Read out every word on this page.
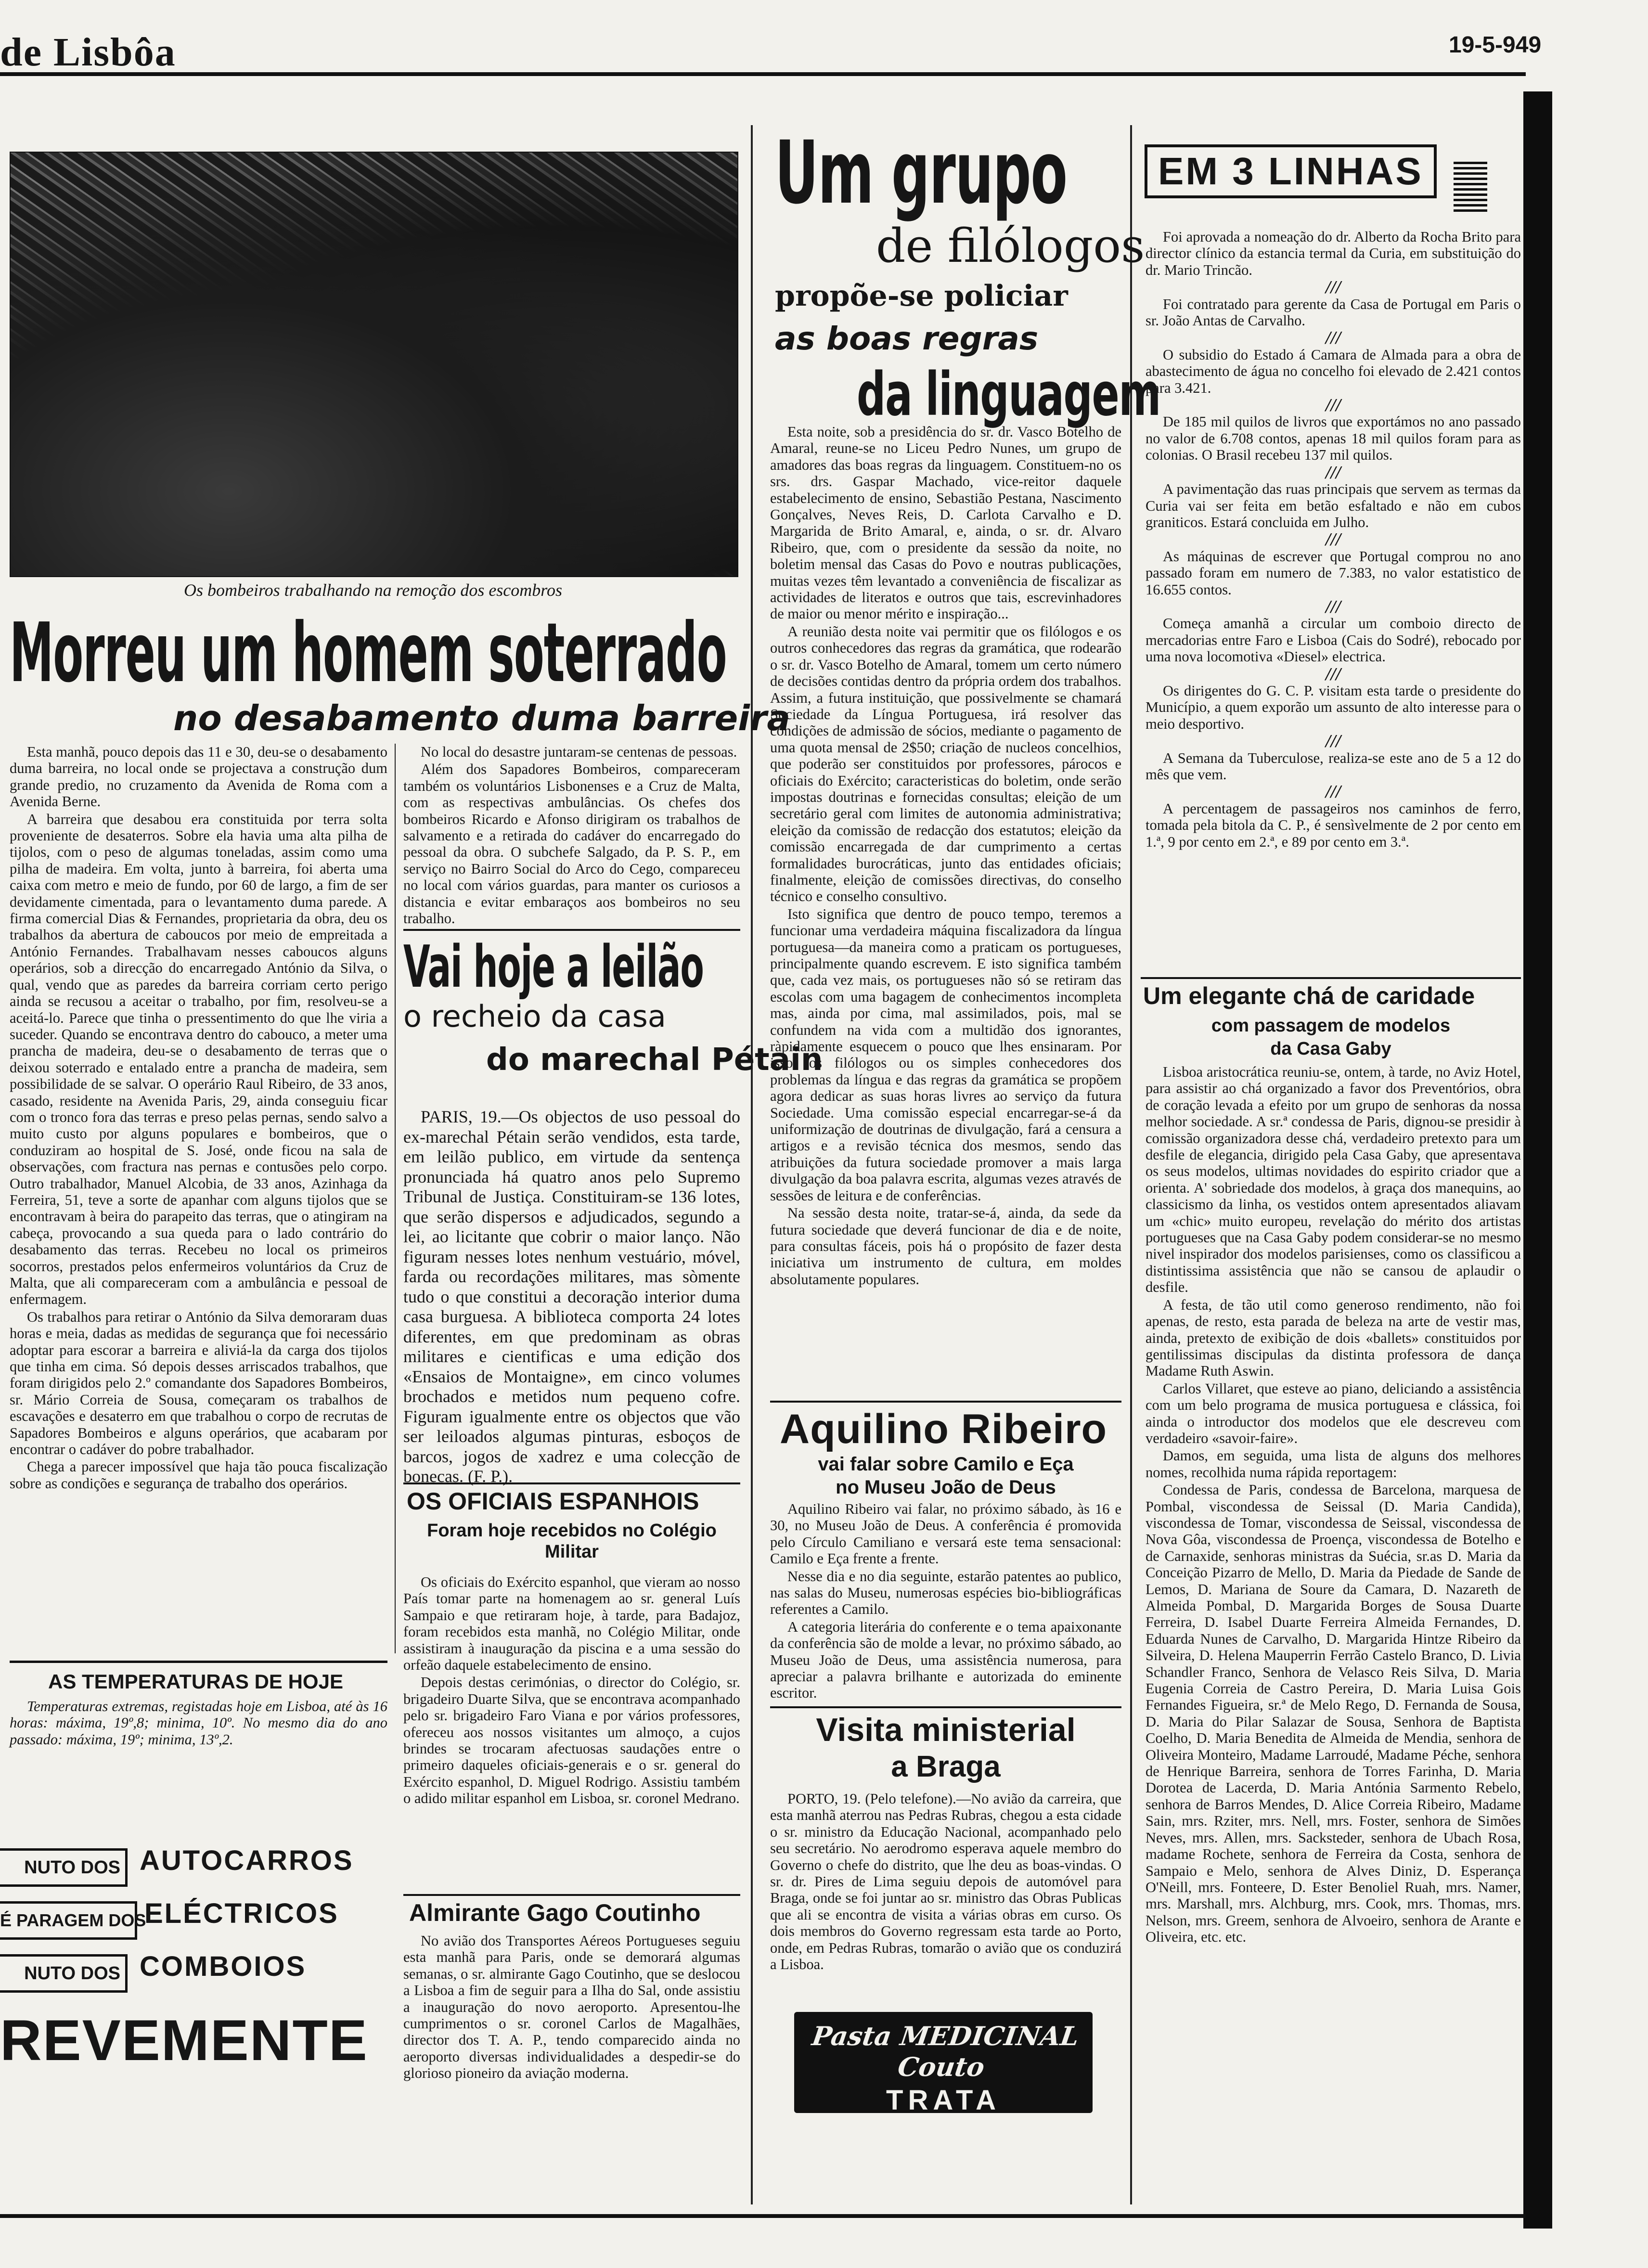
de Lisbôa	19-5-949
Os bombeiros trabalhando na remoção dos escombros
Morreu um homem soterrado
no desabamento duma barreira

Esta manhã, pouco depois das 11 e 30, deu-se o desabamento duma barreira, no local onde se projectava a construção dum grande predio, no cruzamento da Avenida de Roma com a Avenida Berne.

A barreira que desabou era constituida por terra solta proveniente de desaterros. Sobre ela havia uma alta pilha de tijolos, com o peso de algumas toneladas, assim como uma pilha de madeira. Em volta, junto à barreira, foi aberta uma caixa com metro e meio de fundo, por 60 de largo, a fim de ser devidamente cimentada, para o levantamento duma parede. A firma comercial Dias & Fernandes, proprietaria da obra, deu os trabalhos da abertura de caboucos por meio de empreitada a António Fernandes. Trabalhavam nesses caboucos alguns operários, sob a direcção do encarregado António da Silva, o qual, vendo que as paredes da barreira corriam certo perigo ainda se recusou a aceitar o trabalho, por fim, resolveu-se a aceitá-lo. Parece que tinha o pressentimento do que lhe viria a suceder. Quando se encontrava dentro do cabouco, a meter uma prancha de madeira, deu-se o desabamento de terras que o deixou soterrado e entalado entre a prancha de madeira, sem possibilidade de se salvar. O operário Raul Ribeiro, de 33 anos, casado, residente na Avenida Paris, 29, ainda conseguiu ficar com o tronco fora das terras e preso pelas pernas, sendo salvo a muito custo por alguns populares e bombeiros, que o conduziram ao hospital de S. José, onde ficou na sala de observações, com fractura nas pernas e contusões pelo corpo. Outro trabalhador, Manuel Alcobia, de 33 anos, Azinhaga da Ferreira, 51, teve a sorte de apanhar com alguns tijolos que se encontravam à beira do parapeito das terras, que o atingiram na cabeça, provocando a sua queda para o lado contrário do desabamento das terras. Recebeu no local os primeiros socorros, prestados pelos enfermeiros voluntários da Cruz de Malta, que ali compareceram com a ambulância e pessoal de enfermagem.

Os trabalhos para retirar o António da Silva demoraram duas horas e meia, dadas as medidas de segurança que foi necessário adoptar para escorar a barreira e aliviá-la da carga dos tijolos que tinha em cima. Só depois desses arriscados trabalhos, que foram dirigidos pelo 2.º comandante dos Sapadores Bombeiros, sr. Mário Correia de Sousa, começaram os trabalhos de escavações e desaterro em que trabalhou o corpo de recrutas de Sapadores Bombeiros e alguns operários, que acabaram por encontrar o cadáver do pobre trabalhador.

Chega a parecer impossível que haja tão pouca fiscalização sobre as condições e segurança de trabalho dos operários.

No local do desastre juntaram-se centenas de pessoas.

Além dos Sapadores Bombeiros, compareceram também os voluntários Lisbonenses e a Cruz de Malta, com as respectivas ambulâncias. Os chefes dos bombeiros Ricardo e Afonso dirigiram os trabalhos de salvamento e a retirada do cadáver do encarregado do pessoal da obra. O subchefe Salgado, da P. S. P., em serviço no Bairro Social do Arco do Cego, compareceu no local com vários guardas, para manter os curiosos a distancia e evitar embaraços aos bombeiros no seu trabalho.

AS TEMPERATURAS DE HOJE

Temperaturas extremas, registadas hoje em Lisboa, até às 16 horas: máxima, 19º,8; minima, 10º. No mesmo dia do ano passado: máxima, 19º; minima, 13º,2.

NUTO DOS AUTOCARROS
É PARAGEM DOS
ELÉCTRICOS
NUTO DOS COMBOIOS
REVEMENTE
Vai hoje a leilão
o recheio da casa
do marechal Pétain

PARIS, 19.—Os objectos de uso pessoal do ex-marechal Pétain serão vendidos, esta tarde, em leilão publico, em virtude da sentença pronunciada há quatro anos pelo Supremo Tribunal de Justiça. Constituiram-se 136 lotes, que serão dispersos e adjudicados, segundo a lei, ao licitante que cobrir o maior lanço. Não figuram nesses lotes nenhum vestuário, móvel, farda ou recordações militares, mas sòmente tudo o que constitui a decoração interior duma casa burguesa. A biblioteca comporta 24 lotes diferentes, em que predominam as obras militares e cientificas e uma edição dos «Ensaios de Montaigne», em cinco volumes brochados e metidos num pequeno cofre. Figuram igualmente entre os objectos que vão ser leiloados algumas pinturas, esboços de barcos, jogos de xadrez e uma colecção de bonecas. (F. P.).

OS OFICIAIS ESPANHOIS
Foram hoje recebidos no Colégio Militar

Os oficiais do Exército espanhol, que vieram ao nosso País tomar parte na homenagem ao sr. general Luís Sampaio e que retiraram hoje, à tarde, para Badajoz, foram recebidos esta manhã, no Colégio Militar, onde assistiram à inauguração da piscina e a uma sessão do orfeão daquele estabelecimento de ensino.

Depois destas cerimónias, o director do Colégio, sr. brigadeiro Duarte Silva, que se encontrava acompanhado pelo sr. brigadeiro Faro Viana e por vários professores, ofereceu aos nossos visitantes um almoço, a cujos brindes se trocaram afectuosas saudações entre o primeiro daqueles oficiais-generais e o sr. general do Exército espanhol, D. Miguel Rodrigo. Assistiu também o adido militar espanhol em Lisboa, sr. coronel Medrano.

Almirante Gago Coutinho

No avião dos Transportes Aéreos Portugueses seguiu esta manhã para Paris, onde se demorará algumas semanas, o sr. almirante Gago Coutinho, que se deslocou a Lisboa a fim de seguir para a Ilha do Sal, onde assistiu a inauguração do novo aeroporto. Apresentou-lhe cumprimentos o sr. coronel Carlos de Magalhães, director dos T. A. P., tendo comparecido ainda no aeroporto diversas individualidades a despedir-se do glorioso pioneiro da aviação moderna.

Um grupo
de filólogos
propõe-se policiar
as boas regras
da linguagem

Esta noite, sob a presidência do sr. dr. Vasco Botelho de Amaral, reune-se no Liceu Pedro Nunes, um grupo de amadores das boas regras da linguagem. Constituem-no os srs. drs. Gaspar Machado, vice-reitor daquele estabelecimento de ensino, Sebastião Pestana, Nascimento Gonçalves, Neves Reis, D. Carlota Carvalho e D. Margarida de Brito Amaral, e, ainda, o sr. dr. Alvaro Ribeiro, que, com o presidente da sessão da noite, no boletim mensal das Casas do Povo e noutras publicações, muitas vezes têm levantado a conveniência de fiscalizar as actividades de literatos e outros que tais, escrevinhadores de maior ou menor mérito e inspiração...

A reunião desta noite vai permitir que os filólogos e os outros conhecedores das regras da gramática, que rodearão o sr. dr. Vasco Botelho de Amaral, tomem um certo número de decisões contidas dentro da própria ordem dos trabalhos. Assim, a futura instituição, que possivelmente se chamará Sociedade da Língua Portuguesa, irá resolver das condições de admissão de sócios, mediante o pagamento de uma quota mensal de 2$50; criação de nucleos concelhios, que poderão ser constituidos por professores, párocos e oficiais do Exército; caracteristicas do boletim, onde serão impostas doutrinas e fornecidas consultas; eleição de um secretário geral com limites de autonomia administrativa; eleição da comissão de redacção dos estatutos; eleição da comissão encarregada de dar cumprimento a certas formalidades burocráticas, junto das entidades oficiais; finalmente, eleição de comissões directivas, do conselho técnico e conselho consultivo.

Isto significa que dentro de pouco tempo, teremos a funcionar uma verdadeira máquina fiscalizadora da língua portuguesa—da maneira como a praticam os portugueses, principalmente quando escrevem. E isto significa também que, cada vez mais, os portugueses não só se retiram das escolas com uma bagagem de conhecimentos incompleta mas, ainda por cima, mal assimilados, pois, mal se confundem na vida com a multidão dos ignorantes, ràpidamente esquecem o pouco que lhes ensinaram. Por isso, os filólogos ou os simples conhecedores dos problemas da língua e das regras da gramática se propõem agora dedicar as suas horas livres ao serviço da futura Sociedade. Uma comissão especial encarregar-se-á da uniformização de doutrinas de divulgação, fará a censura a artigos e a revisão técnica dos mesmos, sendo das atribuições da futura sociedade promover a mais larga divulgação da boa palavra escrita, algumas vezes através de sessões de leitura e de conferências.

Na sessão desta noite, tratar-se-á, ainda, da sede da futura sociedade que deverá funcionar de dia e de noite, para consultas fáceis, pois há o propósito de fazer desta iniciativa um instrumento de cultura, em moldes absolutamente populares.

Aquilino Ribeiro
vai falar sobre Camilo e Eça
no Museu João de Deus

Aquilino Ribeiro vai falar, no próximo sábado, às 16 e 30, no Museu João de Deus. A conferência é promovida pelo Círculo Camiliano e versará este tema sensacional: Camilo e Eça frente a frente.

Nesse dia e no dia seguinte, estarão patentes ao publico, nas salas do Museu, numerosas espécies bio-bibliográficas referentes a Camilo.

A categoria literária do conferente e o tema apaixonante da conferência são de molde a levar, no próximo sábado, ao Museu João de Deus, uma assistência numerosa, para apreciar a palavra brilhante e autorizada do eminente escritor.

Visita ministerial
a Braga

PORTO, 19. (Pelo telefone).—No avião da carreira, que esta manhã aterrou nas Pedras Rubras, chegou a esta cidade o sr. ministro da Educação Nacional, acompanhado pelo seu secretário. No aerodromo esperava aquele membro do Governo o chefe do distrito, que lhe deu as boas-vindas. O sr. dr. Pires de Lima seguiu depois de automóvel para Braga, onde se foi juntar ao sr. ministro das Obras Publicas que ali se encontra de visita a várias obras em curso. Os dois membros do Governo regressam esta tarde ao Porto, onde, em Pedras Rubras, tomarão o avião que os conduzirá a Lisboa.

Pasta MEDICINAL Couto
TRATA
AS DOENÇAS DA BOCA
EM 3 LINHAS

Foi aprovada a nomeação do dr. Alberto da Rocha Brito para director clínico da estancia termal da Curia, em substituição do dr. Mario Trincão.

///

Foi contratado para gerente da Casa de Portugal em Paris o sr. João Antas de Carvalho.

///

O subsidio do Estado á Camara de Almada para a obra de abastecimento de água no concelho foi elevado de 2.421 contos para 3.421.

///

De 185 mil quilos de livros que exportámos no ano passado no valor de 6.708 contos, apenas 18 mil quilos foram para as colonias. O Brasil recebeu 137 mil quilos.

///

A pavimentação das ruas principais que servem as termas da Curia vai ser feita em betão esfaltado e não em cubos graniticos. Estará concluida em Julho.

///

As máquinas de escrever que Portugal comprou no ano passado foram em numero de 7.383, no valor estatistico de 16.655 contos.

///

Começa amanhã a circular um comboio directo de mercadorias entre Faro e Lisboa (Cais do Sodré), rebocado por uma nova locomotiva «Diesel» electrica.

///

Os dirigentes do G. C. P. visitam esta tarde o presidente do Município, a quem exporão um assunto de alto interesse para o meio desportivo.

///

A Semana da Tuberculose, realiza-se este ano de 5 a 12 do mês que vem.

///

A percentagem de passageiros nos caminhos de ferro, tomada pela bitola da C. P., é sensìvelmente de 2 por cento em 1.ª, 9 por cento em 2.ª, e 89 por cento em 3.ª.

Um elegante chá de caridade
com passagem de modelos
da Casa Gaby

Lisboa aristocrática reuniu-se, ontem, à tarde, no Aviz Hotel, para assistir ao chá organizado a favor dos Preventórios, obra de coração levada a efeito por um grupo de senhoras da nossa melhor sociedade. A sr.ª condessa de Paris, dignou-se presidir à comissão organizadora desse chá, verdadeiro pretexto para um desfile de elegancia, dirigido pela Casa Gaby, que apresentava os seus modelos, ultimas novidades do espirito criador que a orienta. A' sobriedade dos modelos, à graça dos manequins, ao classicismo da linha, os vestidos ontem apresentados aliavam um «chic» muito europeu, revelação do mérito dos artistas portugueses que na Casa Gaby podem considerar-se no mesmo nivel inspirador dos modelos parisienses, como os classificou a distintissima assistência que não se cansou de aplaudir o desfile.

A festa, de tão util como generoso rendimento, não foi apenas, de resto, esta parada de beleza na arte de vestir mas, ainda, pretexto de exibição de dois «ballets» constituidos por gentilissimas discipulas da distinta professora de dança Madame Ruth Aswin.

Carlos Villaret, que esteve ao piano, deliciando a assistência com um belo programa de musica portuguesa e clássica, foi ainda o introductor dos modelos que ele descreveu com verdadeiro «savoir-faire».

Damos, em seguida, uma lista de alguns dos melhores nomes, recolhida numa rápida reportagem:

Condessa de Paris, condessa de Barcelona, marquesa de Pombal, viscondessa de Seissal (D. Maria Candida), viscondessa de Tomar, viscondessa de Seissal, viscondessa de Nova Gôa, viscondessa de Proença, viscondessa de Botelho e de Carnaxide, senhoras ministras da Suécia, sr.as D. Maria da Conceição Pizarro de Mello, D. Maria da Piedade de Sande de Lemos, D. Mariana de Soure da Camara, D. Nazareth de Almeida Pombal, D. Margarida Borges de Sousa Duarte Ferreira, D. Isabel Duarte Ferreira Almeida Fernandes, D. Eduarda Nunes de Carvalho, D. Margarida Hintze Ribeiro da Silveira, D. Helena Mauperrin Ferrão Castelo Branco, D. Livia Schandler Franco, Senhora de Velasco Reis Silva, D. Maria Eugenia Correia de Castro Pereira, D. Maria Luisa Gois Fernandes Figueira, sr.ª de Melo Rego, D. Fernanda de Sousa, D. Maria do Pilar Salazar de Sousa, Senhora de Baptista Coelho, D. Maria Benedita de Almeida de Mendia, senhora de Oliveira Monteiro, Madame Larroudé, Madame Péche, senhora de Henrique Barreira, senhora de Torres Farinha, D. Maria Dorotea de Lacerda, D. Maria Antónia Sarmento Rebelo, senhora de Barros Mendes, D. Alice Correia Ribeiro, Madame Sain, mrs. Rziter, mrs. Nell, mrs. Foster, senhora de Simões Neves, mrs. Allen, mrs. Sacksteder, senhora de Ubach Rosa, madame Rochete, senhora de Ferreira da Costa, senhora de Sampaio e Melo, senhora de Alves Diniz, D. Esperança O'Neill, mrs. Fonteere, D. Ester Benoliel Ruah, mrs. Namer, mrs. Marshall, mrs. Alchburg, mrs. Cook, mrs. Thomas, mrs. Nelson, mrs. Greem, senhora de Alvoeiro, senhora de Arante e Oliveira, etc. etc.
